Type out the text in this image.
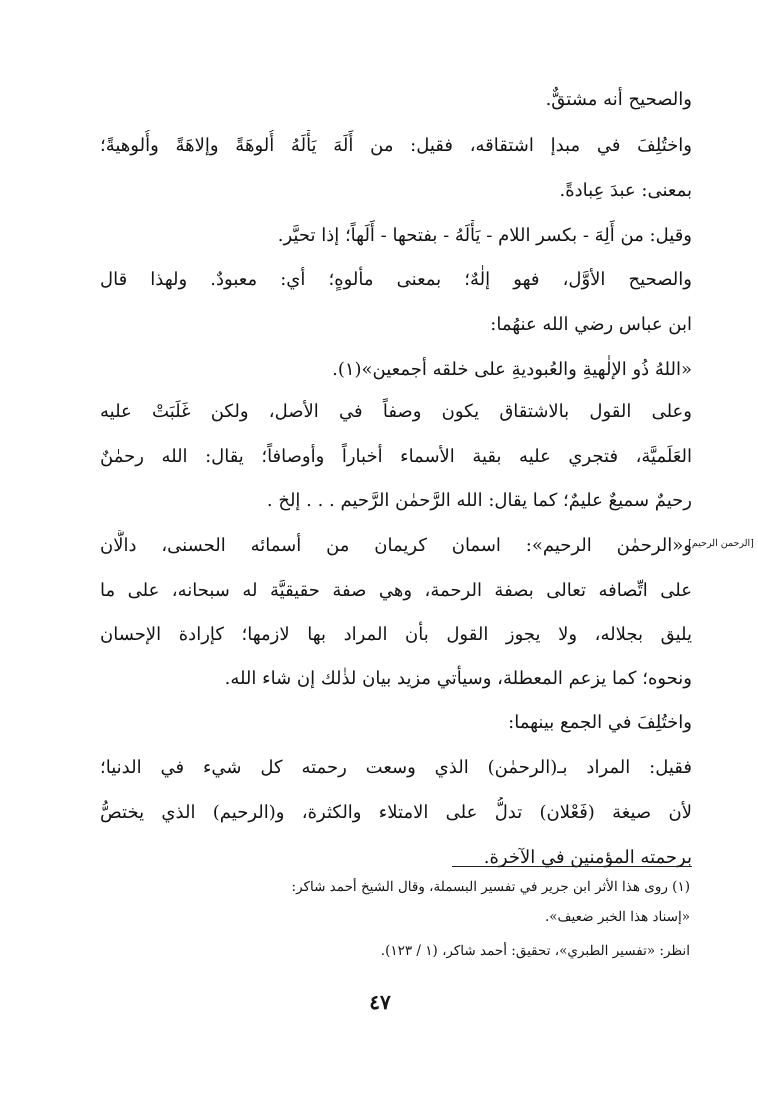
والصحيح أنه مشتقٌّ.
واختُلِفَ في مبدإ اشتقاقه، فقيل: من أَلَهَ يَأْلَهُ أُلوهَةً وإلاهَةً وأُلوهيةً؛
بمعنى: عبدَ عِبادةً.
وقيل: من أَلِهَ - بكسر اللام - يَأْلَهُ - بفتحها - أَلَهاً؛ إذا تحيَّر.
والصحيح الأوَّل، فهو إلٰهٌ؛ بمعنى مألوهٍ؛ أي: معبودٌ. ولهذا قال
ابن عباس رضي الله عنهُما:
«اللهُ ذُو الإلٰهيةِ والعُبوديةِ على خلقه أجمعين»(١).
وعلى القول بالاشتقاق يكون وصفاً في الأصل، ولكن غَلَبَتْ عليه
العَلَميَّة، فتجري عليه بقية الأسماء أخباراً وأوصافاً؛ يقال: الله رحمٰنٌ
رحيمٌ سميعٌ عليمٌ؛ كما يقال: الله الرَّحمٰن الرَّحيم . . . إلخ .
و«الرحمٰن الرحيم»: اسمان كريمان من أسمائه الحسنى، دالَّان
على اتِّصافه تعالى بصفة الرحمة، وهي صفة حقيقيَّة له سبحانه، على ما
يليق بجلاله، ولا يجوز القول بأن المراد بها لازمها؛ كإرادة الإحسان
ونحوه؛ كما يزعم المعطلة، وسيأتي مزيد بيان لذٰلك إن شاء الله.
واختُلِفَ في الجمع بينهما:
فقيل: المراد بـ(الرحمٰن) الذي وسعت رحمته كل شيء في الدنيا؛
لأن صيغة (فَعْلان) تدلُّ على الامتلاء والكثرة، و(الرحيم) الذي يختصُّ
برحمته المؤمنين في الآخرة.
[الرحمن الرحيم]
(١) روى هذا الأثر ابن جرير في تفسير البسملة، وقال الشيخ أحمد شاكر:
«إسناد هذا الخبر ضعيف».
انظر: «تفسير الطبري»، تحقيق: أحمد شاكر، (١ / ١٢٣).
٤٧
